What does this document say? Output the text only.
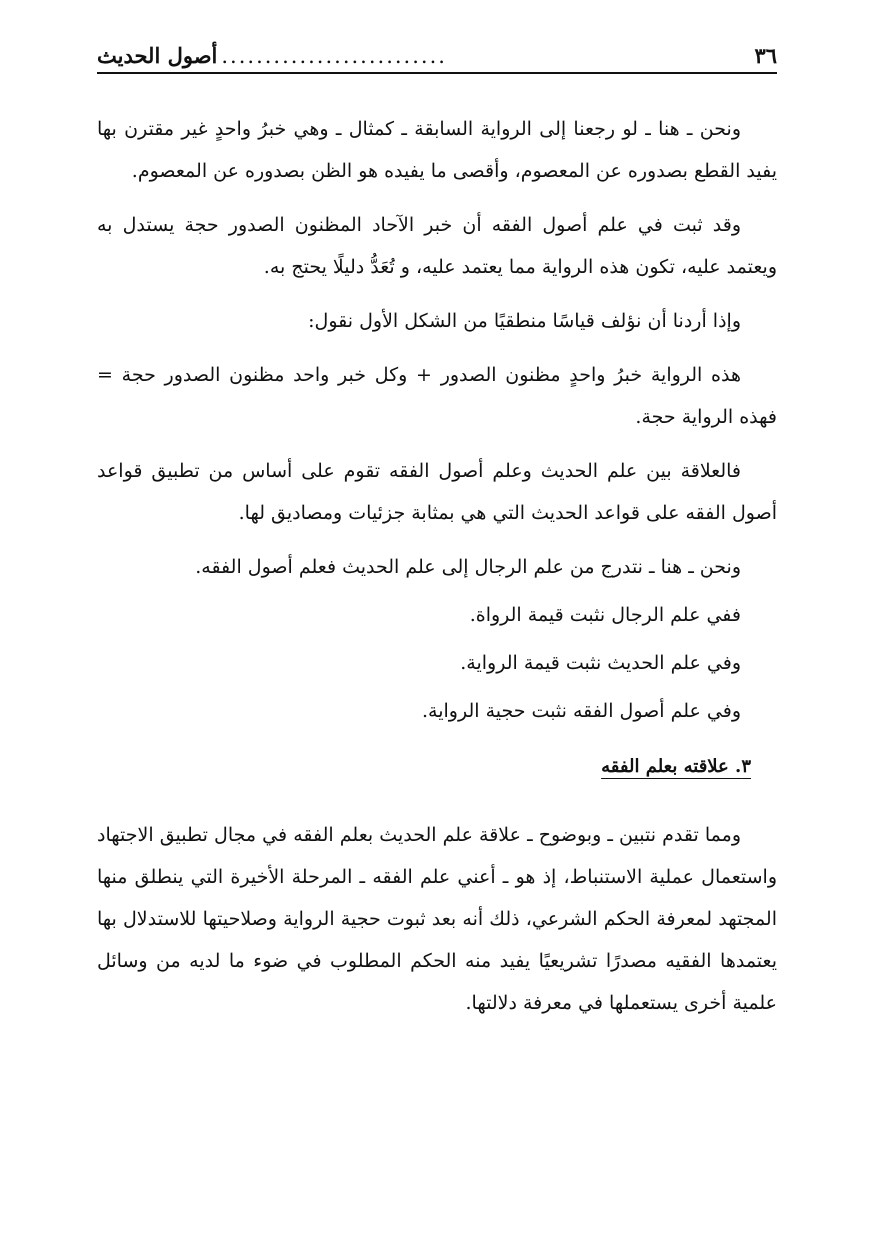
٣٦
..........................
أصول الحديث

ونحن ـ هنا ـ لو رجعنا إلى الرواية السابقة ـ كمثال ـ وهي خبرُ واحدٍ غير مقترن بها يفيد القطع بصدوره عن المعصوم، وأقصى ما يفيده هو الظن بصدوره عن المعصوم.

وقد ثبت في علم أصول الفقه أن خبر الآحاد المظنون الصدور حجة يستدل به ويعتمد عليه، تكون هذه الرواية مما يعتمد عليه، و تُعَدُّ دليلًا يحتج به.

وإذا أردنا أن نؤلف قياسًا منطقيًا من الشكل الأول نقول:

هذه الرواية خبرُ واحدٍ مظنون الصدور + وكل خبر واحد مظنون الصدور حجة = فهذه الرواية حجة.

فالعلاقة بين علم الحديث وعلم أصول الفقه تقوم على أساس من تطبيق قواعد أصول الفقه على قواعد الحديث التي هي بمثابة جزئيات ومصاديق لها.

ونحن ـ هنا ـ نتدرج من علم الرجال إلى علم الحديث فعلم أصول الفقه.

ففي علم الرجال نثبت قيمة الرواة.

وفي علم الحديث نثبت قيمة الرواية.

وفي علم أصول الفقه نثبت حجية الرواية.

٣. علاقته بعلم الفقه

ومما تقدم نتبين ـ وبوضوح ـ علاقة علم الحديث بعلم الفقه في مجال تطبيق الاجتهاد واستعمال عملية الاستنباط، إذ هو ـ أعني علم الفقه ـ المرحلة الأخيرة التي ينطلق منها المجتهد لمعرفة الحكم الشرعي، ذلك أنه بعد ثبوت حجية الرواية وصلاحيتها للاستدلال بها يعتمدها الفقيه مصدرًا تشريعيًا يفيد منه الحكم المطلوب في ضوء ما لديه من وسائل علمية أخرى يستعملها في معرفة دلالتها.
